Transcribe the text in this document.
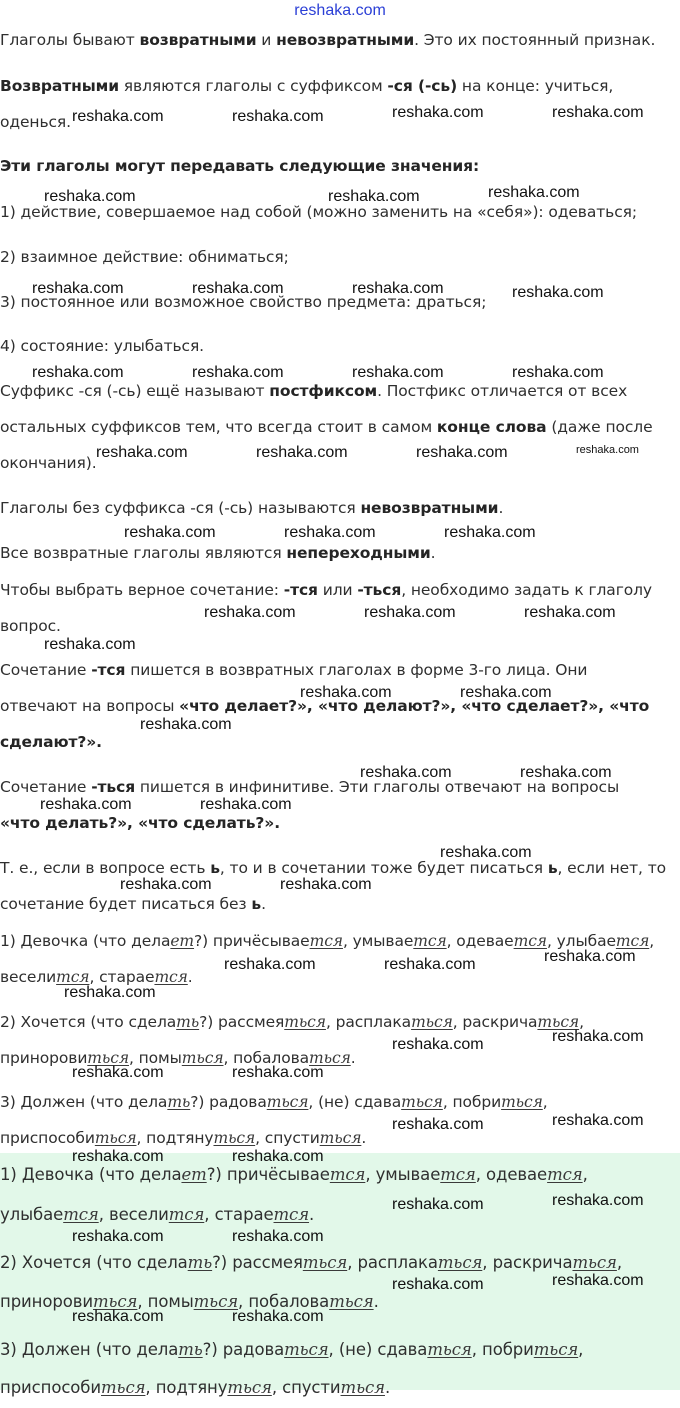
reshaka.com
Глаголы бывают возвратными и невозвратными. Это их постоянный признак.
Возвратными являются глаголы с суффиксом -ся (-сь) на конце: учиться,
оденься.
Эти глаголы могут передавать следующие значения:
1) действие, совершаемое над собой (можно заменить на «себя»): одеваться;
2) взаимное действие: обниматься;
3) постоянное или возможное свойство предмета: драться;
4) состояние: улыбаться.
Суффикс -ся (-сь) ещё называют постфиксом. Постфикс отличается от всех
остальных суффиксов тем, что всегда стоит в самом конце слова (даже после
окончания).
Глаголы без суффикса -ся (-сь) называются невозвратными.
Все возвратные глаголы являются непереходными.
Чтобы выбрать верное сочетание: -тся или -ться, необходимо задать к глаголу
вопрос.
Сочетание -тся пишется в возвратных глаголах в форме 3-го лица. Они
отвечают на вопросы «что делает?», «что делают?», «что сделает?», «что
сделают?».
Сочетание -ться пишется в инфинитиве. Эти глаголы отвечают на вопросы
«что делать?», «что сделать?».
Т. е., если в вопросе есть ь, то и в сочетании тоже будет писаться ь, если нет, то
сочетание будет писаться без ь.
1) Девочка (что делает?) причёсывается, умывается, одевается, улыбается,
веселится, старается.
2) Хочется (что сделать?) рассмеяться, расплакаться, раскричаться,
приноровиться, помыться, побаловаться.
3) Должен (что делать?) радоваться, (не) сдаваться, побриться,
приспособиться, подтянуться, спуститься.
1) Девочка (что делает?) причёсывается, умывается, одевается,
улыбается, веселится, старается.
2) Хочется (что сделать?) рассмеяться, расплакаться, раскричаться,
приноровиться, помыться, побаловаться.
3) Должен (что делать?) радоваться, (не) сдаваться, побриться,
приспособиться, подтянуться, спуститься.
reshaka.com	reshaka.com	reshaka.com	reshaka.com
reshaka.com	reshaka.com	reshaka.com
reshaka.com	reshaka.com	reshaka.com	reshaka.com
reshaka.com	reshaka.com	reshaka.com	reshaka.com
reshaka.com	reshaka.com	reshaka.com	reshaka.com
reshaka.com	reshaka.com	reshaka.com
reshaka.com	reshaka.com	reshaka.com
reshaka.com
reshaka.com	reshaka.com
reshaka.com
reshaka.com	reshaka.com
reshaka.com	reshaka.com
reshaka.com
reshaka.com	reshaka.com
reshaka.com	reshaka.com	reshaka.com
reshaka.com
reshaka.com	reshaka.com
reshaka.com	reshaka.com
reshaka.com	reshaka.com
reshaka.com	reshaka.com
reshaka.com	reshaka.com
reshaka.com	reshaka.com
reshaka.com	reshaka.com
reshaka.com	reshaka.com
